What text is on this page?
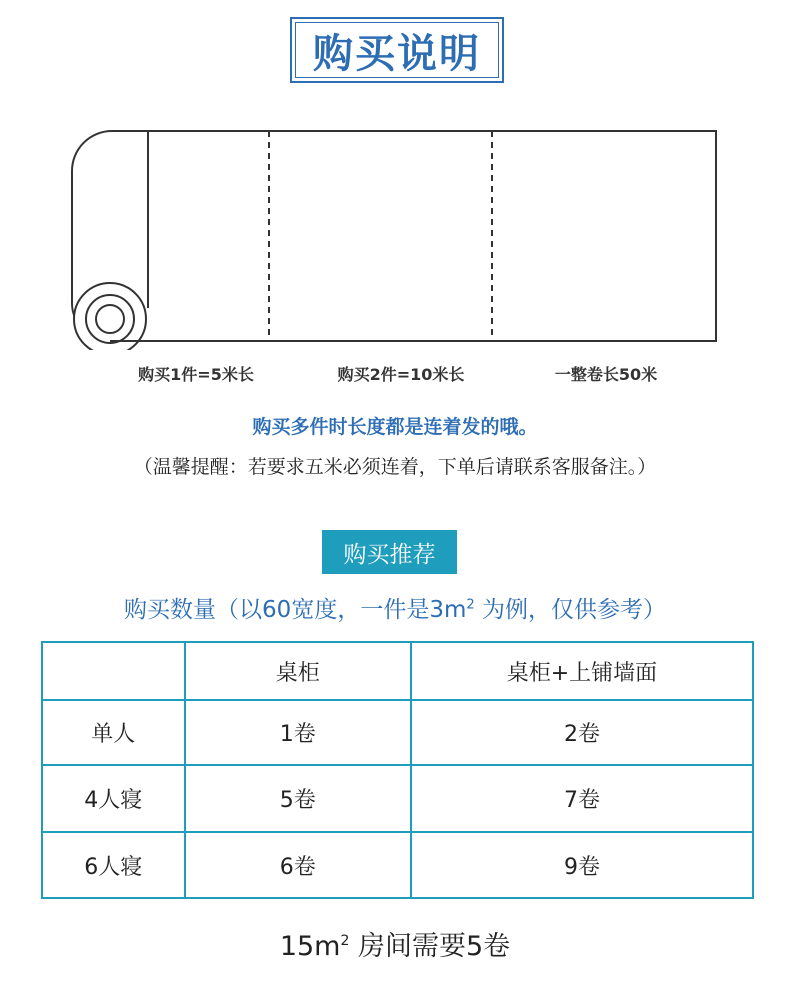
购买说明
购买1件=5米长	购买2件=10米长	一整卷长50米
购买多件时长度都是连着发的哦。
（温馨提醒：若要求五米必须连着，下单后请联系客服备注。）
购买推荐
购买数量（以60宽度，一件是$3m^2$ 为例，仅供参考）
	桌柜	桌柜+上铺墙面
单人	1卷	2卷
4人寝	5卷	7卷
6人寝	6卷	9卷
$15m^2$ 房间需要5卷
